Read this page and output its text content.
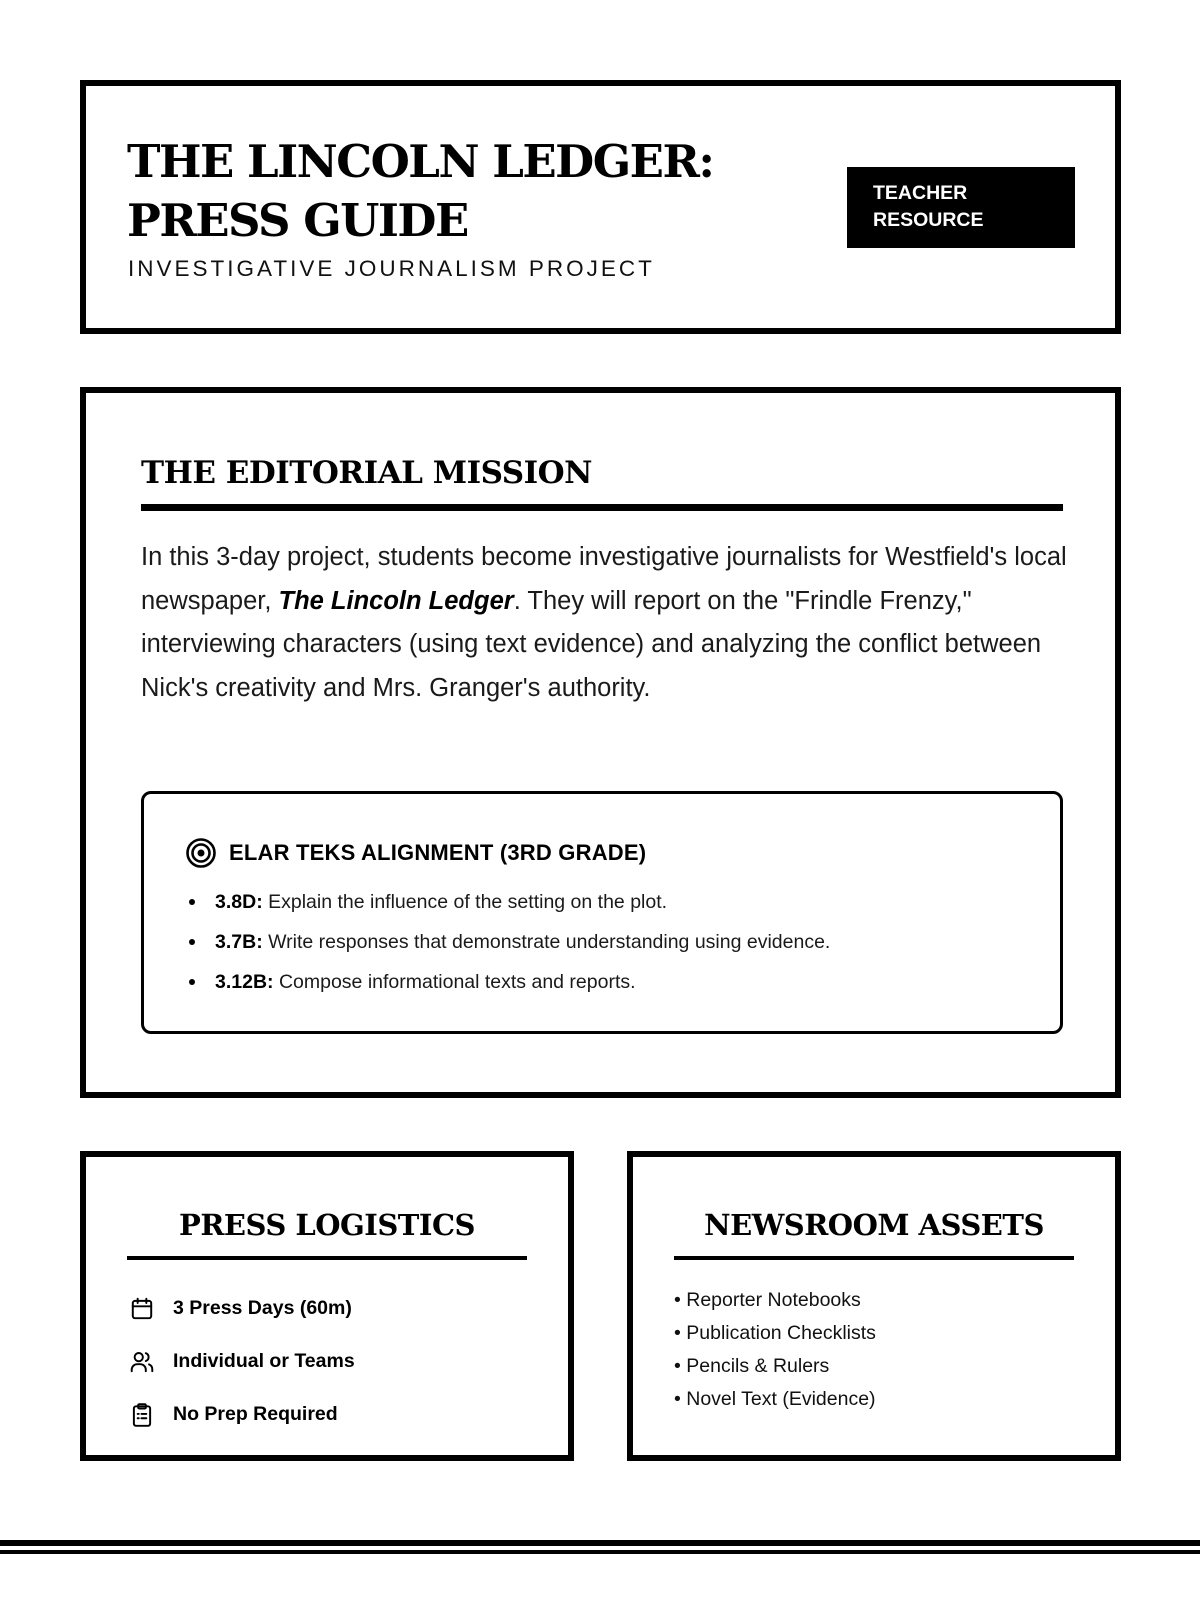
THE LINCOLN LEDGER: PRESS GUIDE
INVESTIGATIVE JOURNALISM PROJECT
TEACHER RESOURCE
THE EDITORIAL MISSION

In this 3-day project, students become investigative journalists for Westfield's local newspaper, The Lincoln Ledger. They will report on the "Frindle Frenzy," interviewing characters (using text evidence) and analyzing the conflict between Nick's creativity and Mrs. Granger's authority.

ELAR TEKS ALIGNMENT (3RD GRADE)
3.8D: Explain the influence of the setting on the plot.
3.7B: Write responses that demonstrate understanding using evidence.
3.12B: Compose informational texts and reports.
PRESS LOGISTICS
3 Press Days (60m)
Individual or Teams
No Prep Required
NEWSROOM ASSETS
• Reporter Notebooks
• Publication Checklists
• Pencils & Rulers
• Novel Text (Evidence)
